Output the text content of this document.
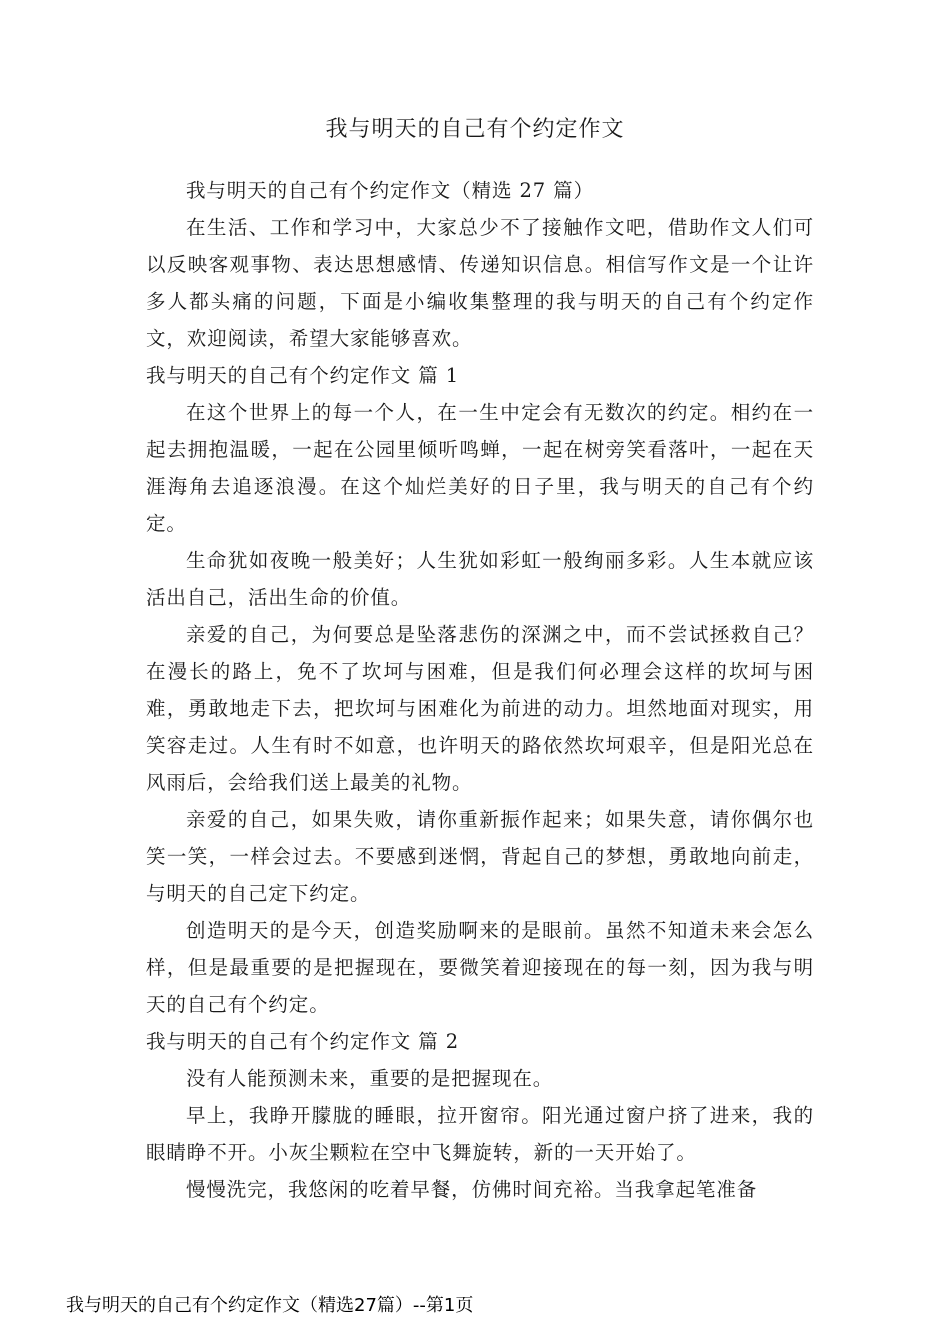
我与明天的自己有个约定作文

我与明天的自己有个约定作文（精选 27 篇）

在生活、工作和学习中，大家总少不了接触作文吧，借助作文人们可以反映客观事物、表达思想感情、传递知识信息。相信写作文是一个让许多人都头痛的问题，下面是小编收集整理的我与明天的自己有个约定作文，欢迎阅读，希望大家能够喜欢。

我与明天的自己有个约定作文 篇 1

在这个世界上的每一个人，在一生中定会有无数次的约定。相约在一起去拥抱温暖，一起在公园里倾听鸣蝉，一起在树旁笑看落叶，一起在天涯海角去追逐浪漫。在这个灿烂美好的日子里，我与明天的自己有个约定。

生命犹如夜晚一般美好；人生犹如彩虹一般绚丽多彩。人生本就应该活出自己，活出生命的价值。

亲爱的自己，为何要总是坠落悲伤的深渊之中，而不尝试拯救自己？在漫长的路上，免不了坎坷与困难，但是我们何必理会这样的坎坷与困难，勇敢地走下去，把坎坷与困难化为前进的动力。坦然地面对现实，用笑容走过。人生有时不如意，也许明天的路依然坎坷艰辛，但是阳光总在风雨后，会给我们送上最美的礼物。

亲爱的自己，如果失败，请你重新振作起来；如果失意，请你偶尔也笑一笑，一样会过去。不要感到迷惘，背起自己的梦想，勇敢地向前走，与明天的自己定下约定。

创造明天的是今天，创造奖励啊来的是眼前。虽然不知道未来会怎么样，但是最重要的是把握现在，要微笑着迎接现在的每一刻，因为我与明天的自己有个约定。

我与明天的自己有个约定作文 篇 2

没有人能预测未来，重要的是把握现在。

早上，我睁开朦胧的睡眼，拉开窗帘。阳光通过窗户挤了进来，我的眼睛睁不开。小灰尘颗粒在空中飞舞旋转，新的一天开始了。

慢慢洗完，我悠闲的吃着早餐，仿佛时间充裕。当我拿起笔准备

我与明天的自己有个约定作文（精选27篇）--第1页
